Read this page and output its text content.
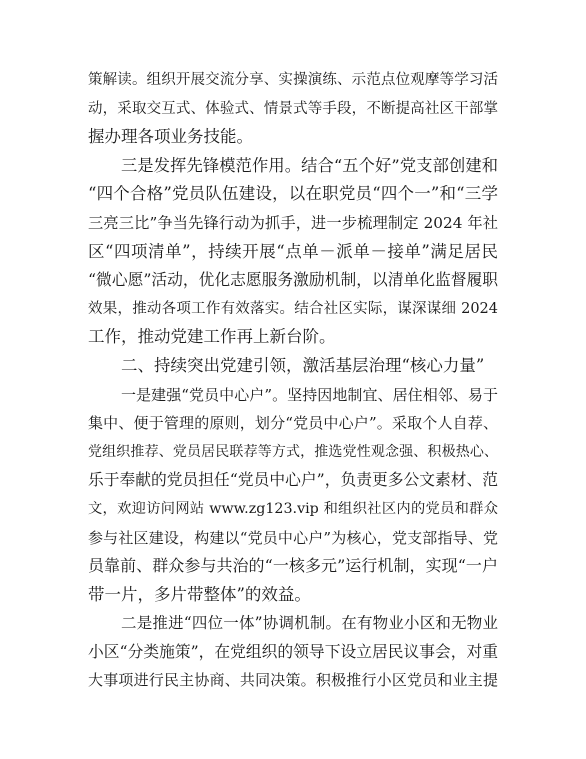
策解读。组织开展交流分享、实操演练、示范点位观摩等学习活
动，采取交互式、体验式、情景式等手段，不断提高社区干部掌
握办理各项业务技能。
三是发挥先锋模范作用。结合“五个好”党支部创建和
“四个合格”党员队伍建设，以在职党员“四个一”和“三学
三亮三比”争当先锋行动为抓手，进一步梳理制定 2024 年社
区“四项清单”，持续开展“点单－派单－接单”满足居民
“微心愿”活动，优化志愿服务激励机制，以清单化监督履职
效果，推动各项工作有效落实。结合社区实际，谋深谋细 2024
工作，推动党建工作再上新台阶。
二、持续突出党建引领，激活基层治理“核心力量”
一是建强“党员中心户”。坚持因地制宜、居住相邻、易于
集中、便于管理的原则，划分“党员中心户”。采取个人自荐、
党组织推荐、党员居民联荐等方式，推选党性观念强、积极热心、
乐于奉献的党员担任“党员中心户”，负责更多公文素材、范
文，欢迎访问网站 www.zg123.vip 和组织社区内的党员和群众
参与社区建设，构建以“党员中心户”为核心，党支部指导、党
员靠前、群众参与共治的“一核多元”运行机制，实现“一户
带一片，多片带整体”的效益。
二是推进“四位一体”协调机制。在有物业小区和无物业
小区“分类施策”，在党组织的领导下设立居民议事会，对重
大事项进行民主协商、共同决策。积极推行小区党员和业主提
